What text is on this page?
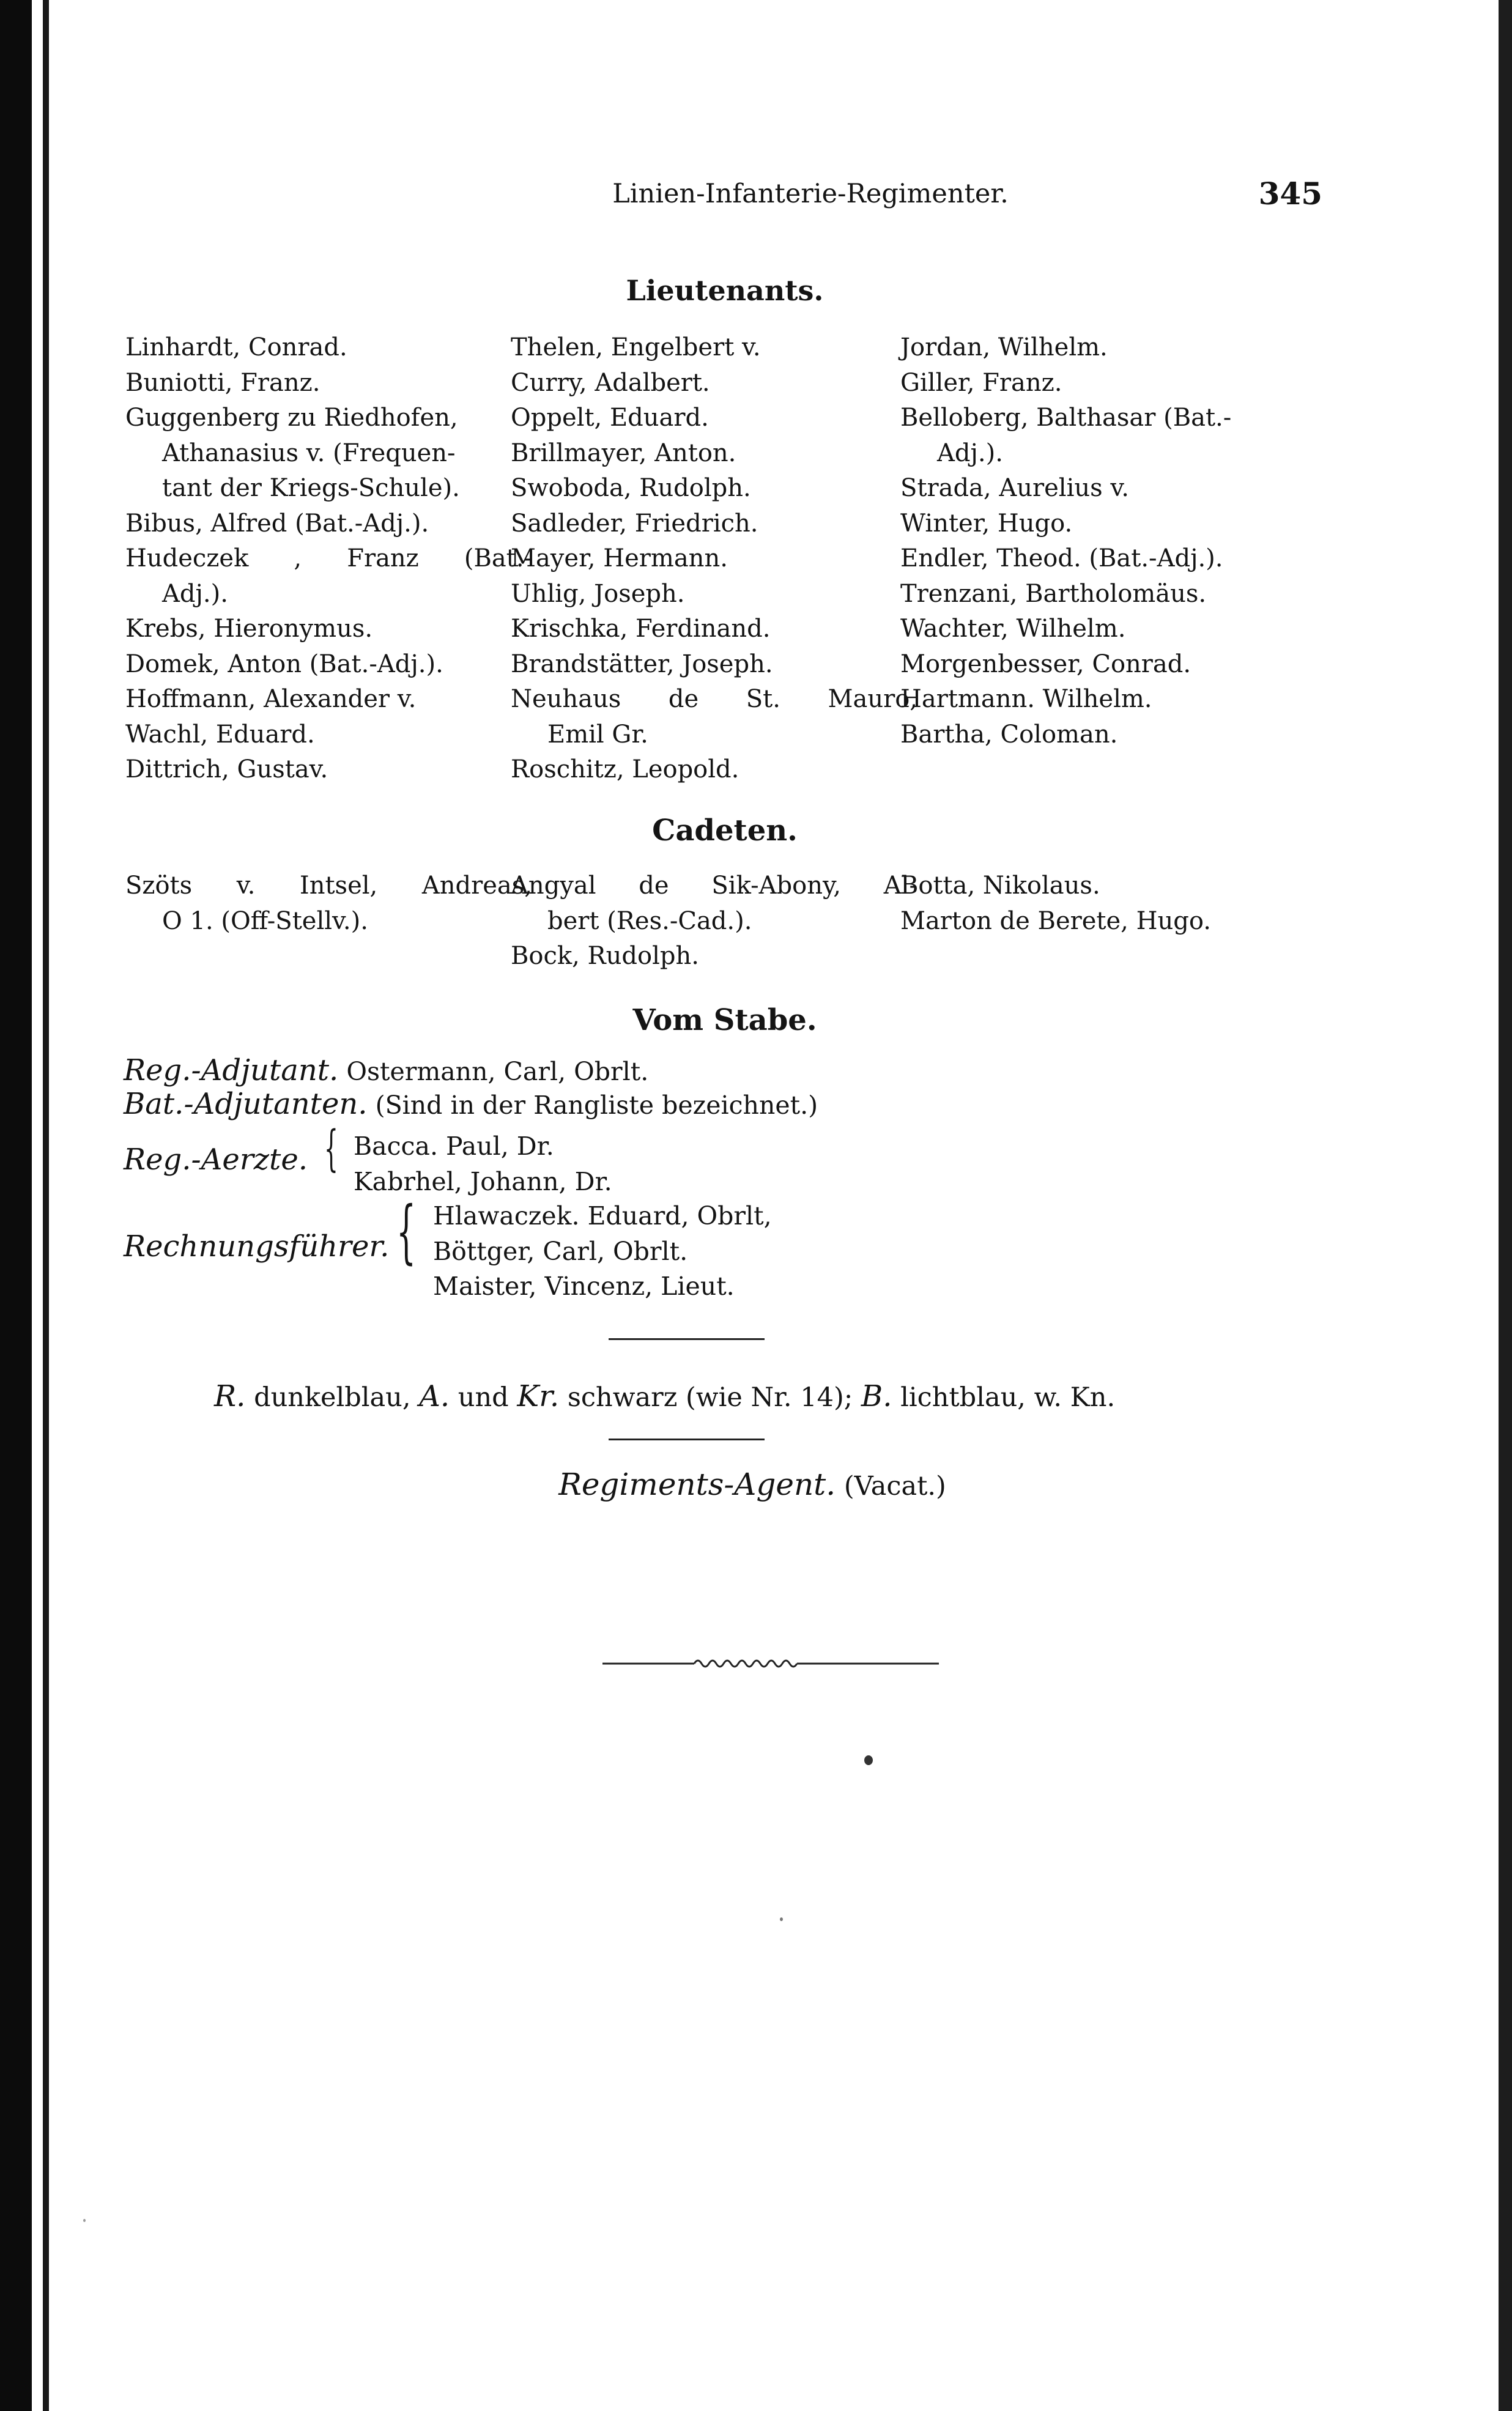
Linien-Infanterie-Regimenter.	345
Lieutenants.
Linhardt, Conrad.
Buniotti, Franz.
Guggenberg zu Riedhofen,
Athanasius v. (Frequen-
tant der Kriegs-Schule).
Bibus, Alfred (Bat.-Adj.).
Hudeczek , Franz (Bat.-
Adj.).
Krebs, Hieronymus.
Domek, Anton (Bat.-Adj.).
Hoffmann, Alexander v.
Wachl, Eduard.
Dittrich, Gustav.
Thelen, Engelbert v.
Curry, Adalbert.
Oppelt, Eduard.
Brillmayer, Anton.
Swoboda, Rudolph.
Sadleder, Friedrich.
Mayer, Hermann.
Uhlig, Joseph.
Krischka, Ferdinand.
Brandstätter, Joseph.
Neuhaus de St. Mauro,
Emil Gr.
Roschitz, Leopold.
Jordan, Wilhelm.
Giller, Franz.
Belloberg, Balthasar (Bat.-
Adj.).
Strada, Aurelius v.
Winter, Hugo.
Endler, Theod. (Bat.-Adj.).
Trenzani, Bartholomäus.
Wachter, Wilhelm.
Morgenbesser, Conrad.
Hartmann. Wilhelm.
Bartha, Coloman.
Cadeten.
Szöts v. Intsel, Andreas,
O 1. (Off-Stellv.).
Angyal de Sik-Abony, Al-
bert (Res.-Cad.).
Bock, Rudolph.
Botta, Nikolaus.
Marton de Berete, Hugo.
Vom Stabe.
Reg.-Adjutant. Ostermann, Carl, Obrlt.
Bat.-Adjutanten. (Sind in der Rangliste bezeichnet.)
Reg.-Aerzte. { Bacca. Paul, Dr.
Kabrhel, Johann, Dr.
Rechnungsführer. { Hlawaczek. Eduard, Obrlt,
Böttger, Carl, Obrlt.
Maister, Vincenz, Lieut.
R. dunkelblau, A. und Kr. schwarz (wie Nr. 14); B. lichtblau, w. Kn.
Regiments-Agent. (Vacat.)
